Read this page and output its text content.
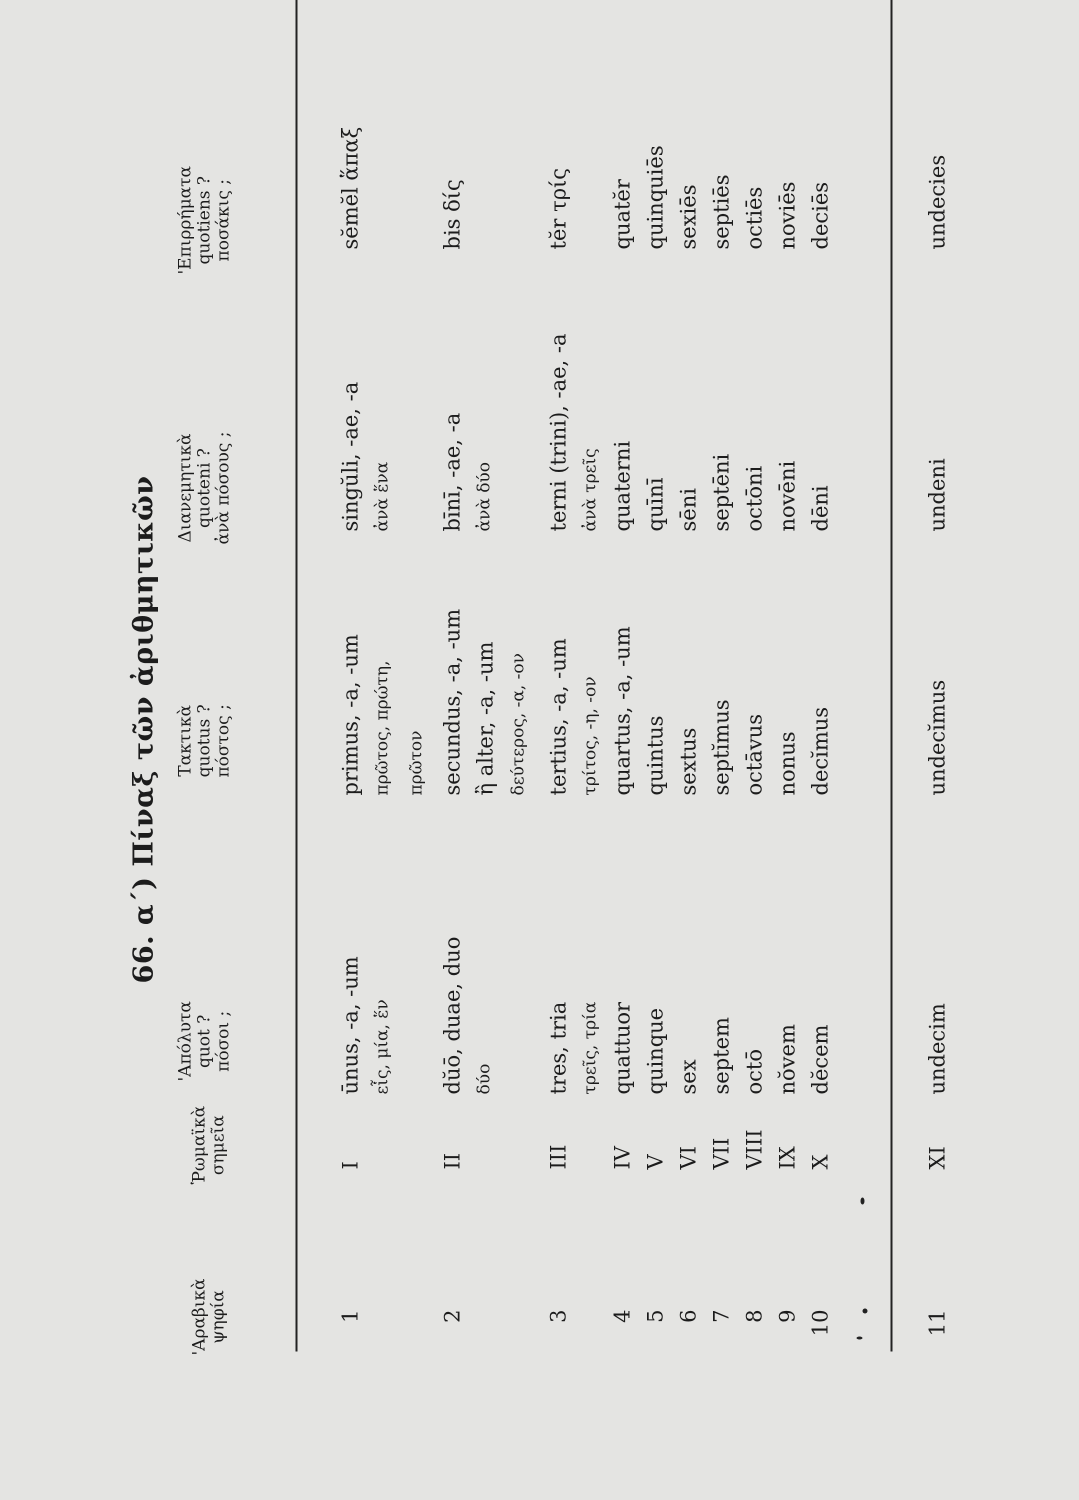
66. α΄) Πίναξ τῶν ἀριθμητικῶν
'Αραβικὰ ψηφία
Ῥωμαϊκὰ σημεῖα
'Απόλυτα quot ? πόσοι ;
Τακτικὰ quotus ? πόστος ;
Διανεμητικὰ quoteni ? ἀνὰ πόσους ;
'Επιρρήματα quotiens ? ποσάκις ;
1
I
ūnus, -a, -um εἷς, μία, ἕν
primus, -a, -um πρῶτος, πρώτη, πρῶτον
singŭli, -ae, -a ἀνὰ ἕνα
sĕmĕl ἅπαξ
2
II
dŭō, duae, duo δύο
secundus, -a, -um ἢ alter, -a, -um δεύτερος, -α, -ον
bīnī, -ae, -a ἀνὰ δύο
bis δίς
3
III
tres, tria τρεῖς, τρία
tertius, -a, -um τρίτος, -η, -ον
terni (trini), -ae, -a ἀνὰ τρεῖς
tĕr τρίς
4
IV
quattuor
quartus, -a, -um
quaterni
quatĕr
5
V
quinque
quintus
quīnī
quinquiēs
6
VI
sex
sextus
sēni
sexiēs
7
VII
septem
septĭmus
septēni
septiēs
8
VIII
octō
octāvus
octōni
octiēs
9
IX
nŏvem
nonus
novēni
noviēs
10
X
dĕcem
decĭmus
dēni
deciēs
11
XI
undecim
undecĭmus
undeni
undecies
